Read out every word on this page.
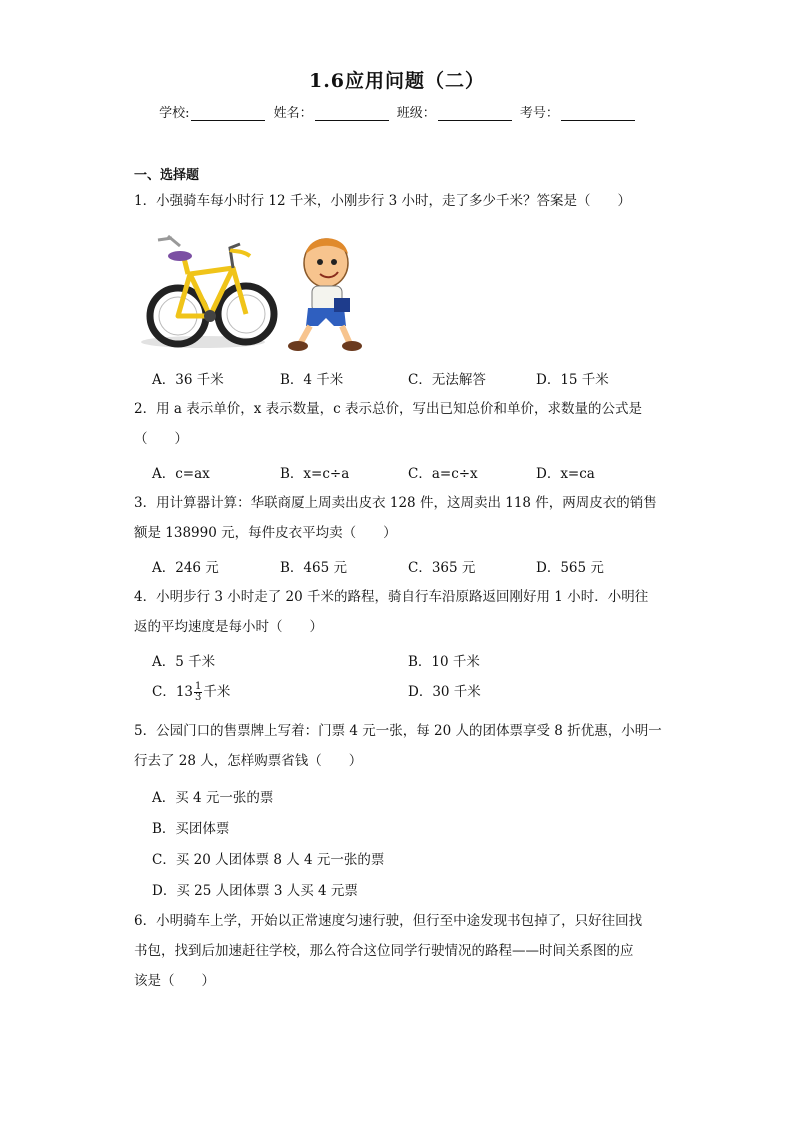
1.6应用问题（二）
学校:	姓名：	班级：	考号：
一、选择题
1．小强骑车每小时行 12 千米，小刚步行 3 小时，走了多少千米？答案是（　　）
A．36 千米	B．4 千米	C．无法解答	D．15 千米
2．用 a 表示单价，x 表示数量，c 表示总价，写出已知总价和单价，求数量的公式是
（　　）
A．c=ax	B．x=c÷a	C．a=c÷x	D．x=ca
3．用计算器计算：华联商厦上周卖出皮衣 128 件，这周卖出 118 件，两周皮衣的销售
额是 138990 元，每件皮衣平均卖（　　）
A．246 元	B．465 元	C．365 元	D．565 元
4．小明步行 3 小时走了 20 千米的路程，骑自行车沿原路返回刚好用 1 小时．小明往
返的平均速度是每小时（　　）
A．5 千米	B．10 千米
C．$13 \frac{1}{3}$ 千米	D．30 千米
5．公园门口的售票牌上写着：门票 4 元一张，每 20 人的团体票享受 8 折优惠，小明一
行去了 28 人，怎样购票省钱（　　）
A．买 4 元一张的票
B．买团体票
C．买 20 人团体票 8 人 4 元一张的票
D．买 25 人团体票 3 人买 4 元票
6．小明骑车上学，开始以正常速度匀速行驶，但行至中途发现书包掉了，只好往回找
书包，找到后加速赶往学校，那么符合这位同学行驶情况的路程——时间关系图的应
该是（　　）
